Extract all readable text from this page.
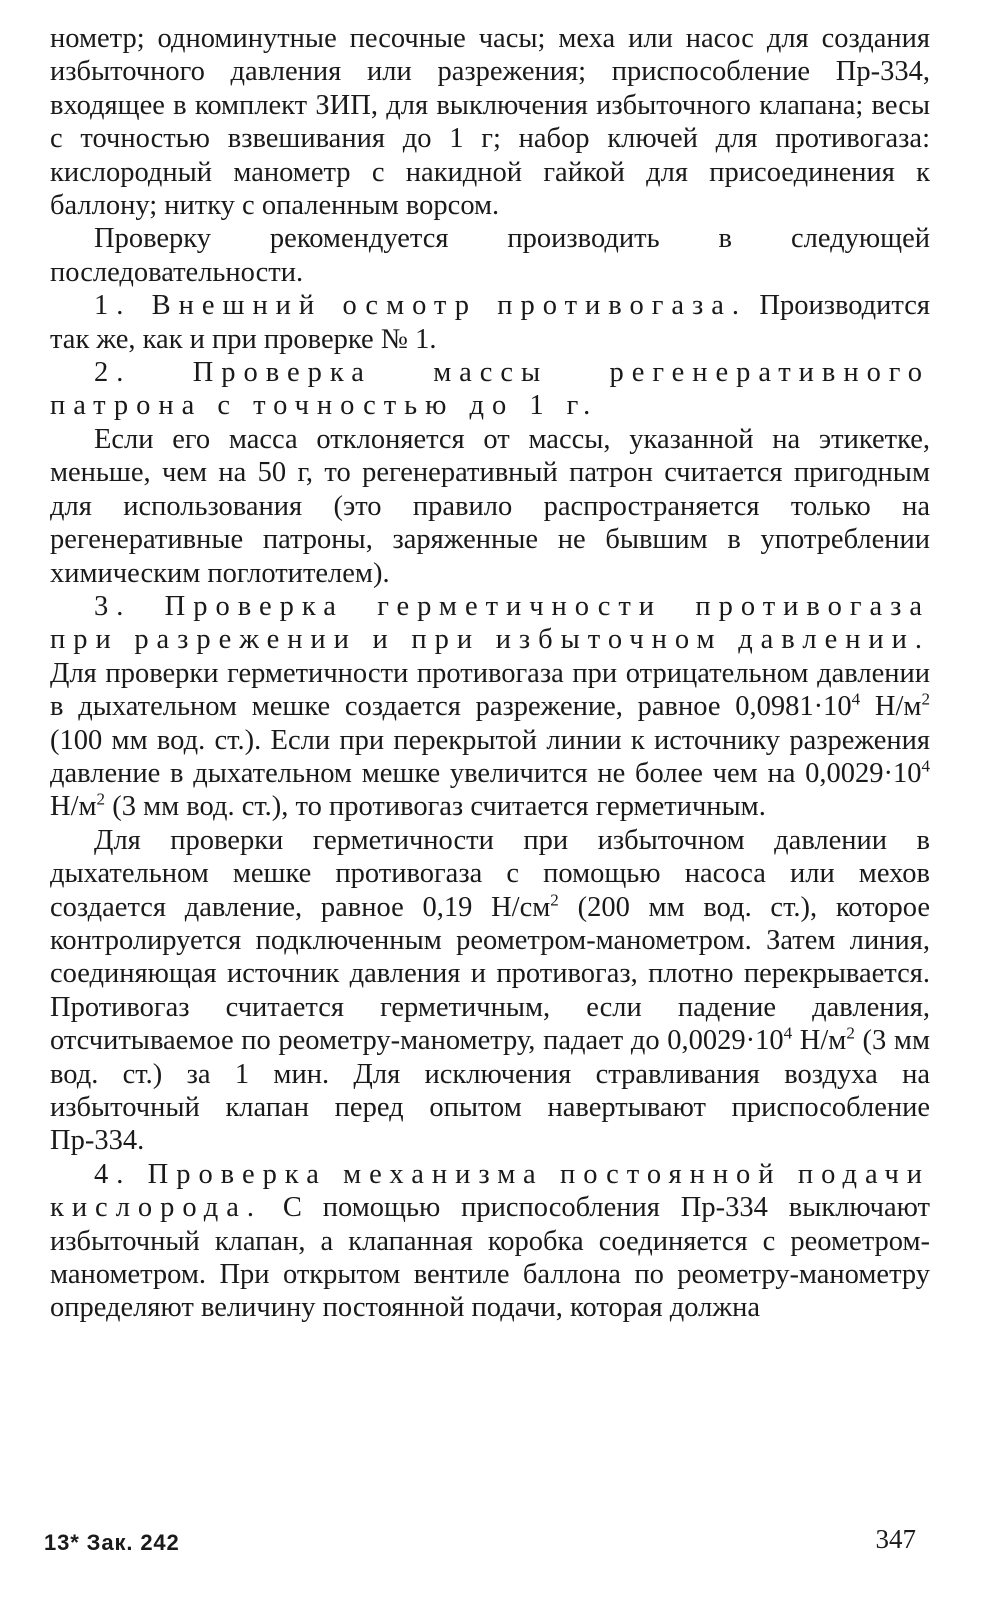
нометр; одноминутные песочные часы; меха или насос для создания избыточного давления или разрежения; приспособление Пр-334, входящее в комплект ЗИП, для выключения избыточного клапана; весы с точностью взвешивания до 1 г; набор ключей для противогаза: кислородный манометр с накидной гайкой для присоединения к баллону; нитку с опаленным ворсом.

Проверку рекомендуется производить в следующей последовательности.

1. Внешний осмотр противогаза. Производится так же, как и при проверке № 1.

2. Проверка массы регенеративного патрона с точностью до 1 г.

Если его масса отклоняется от массы, указанной на этикетке, меньше, чем на 50 г, то регенеративный патрон считается пригодным для использования (это правило распространяется только на регенеративные патроны, заряженные не бывшим в употреблении химическим поглотителем).

3. Проверка герметичности противогаза при разрежении и при избыточном давлении. Для проверки герметичности противогаза при отрицательном давлении в дыхательном мешке создается разрежение, равное $0,0981\cdot 10^4$ $Н/м^2$ (100 мм вод. ст.). Если при перекрытой линии к источнику разрежения давление в дыхательном мешке увеличится не более чем на $0,0029\cdot 10^4$ $Н/м^2$ (3 мм вод. ст.), то противогаз считается герметичным.

Для проверки герметичности при избыточном давлении в дыхательном мешке противогаза с помощью насоса или мехов создается давление, равное 0,19 $Н/см^2$ (200 мм вод. ст.), которое контролируется подключенным реометром-манометром. Затем линия, соединяющая источник давления и противогаз, плотно перекрывается. Противогаз считается герметичным, если падение давления, отсчитываемое по реометру-манометру, падает до $0,0029\cdot 10^4$ $Н/м^2$ (3 мм вод. ст.) за 1 мин. Для исключения стравливания воздуха на избыточный клапан перед опытом навертывают приспособление Пр-334.

4. Проверка механизма постоянной подачи кислорода. С помощью приспособления Пр-334 выключают избыточный клапан, а клапанная коробка соединяется с реометром-манометром. При открытом вентиле баллона по реометру-манометру определяют величину постоянной подачи, которая должна

13* Зак. 242	347
